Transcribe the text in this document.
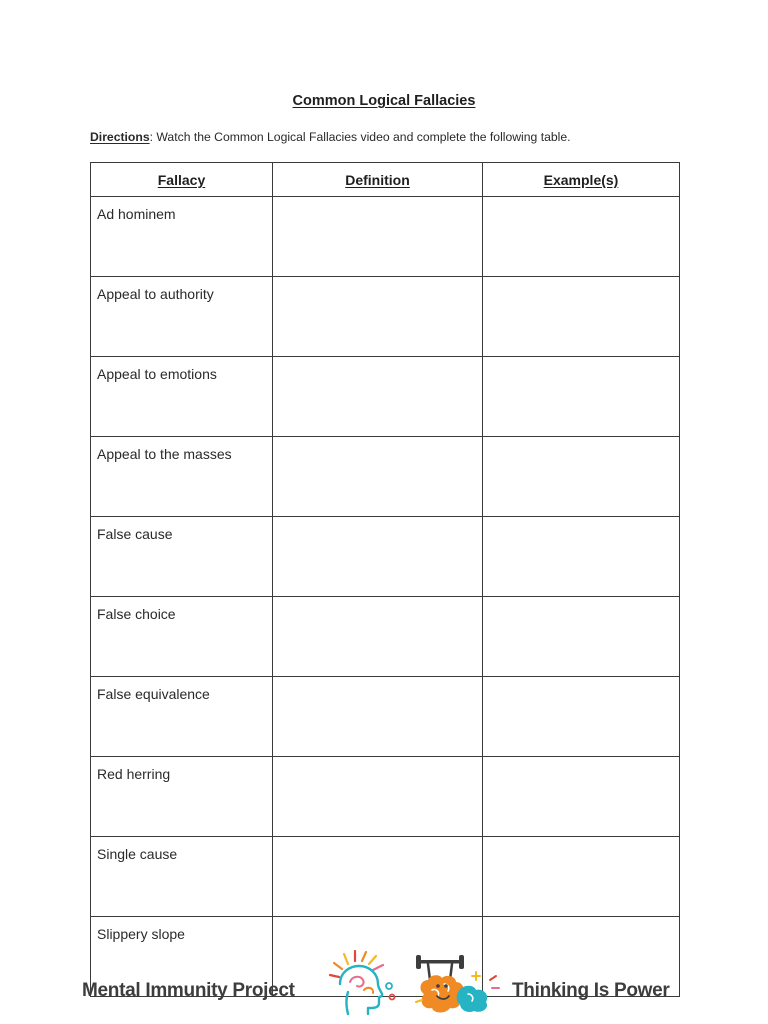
Common Logical Fallacies
Directions: Watch the Common Logical Fallacies video and complete the following table.
Fallacy	Definition	Example(s)
Ad hominem		
Appeal to authority		
Appeal to emotions		
Appeal to the masses		
False cause		
False choice		
False equivalence		
Red herring		
Single cause		
Slippery slope		
Mental Immunity Project	Thinking Is Power
